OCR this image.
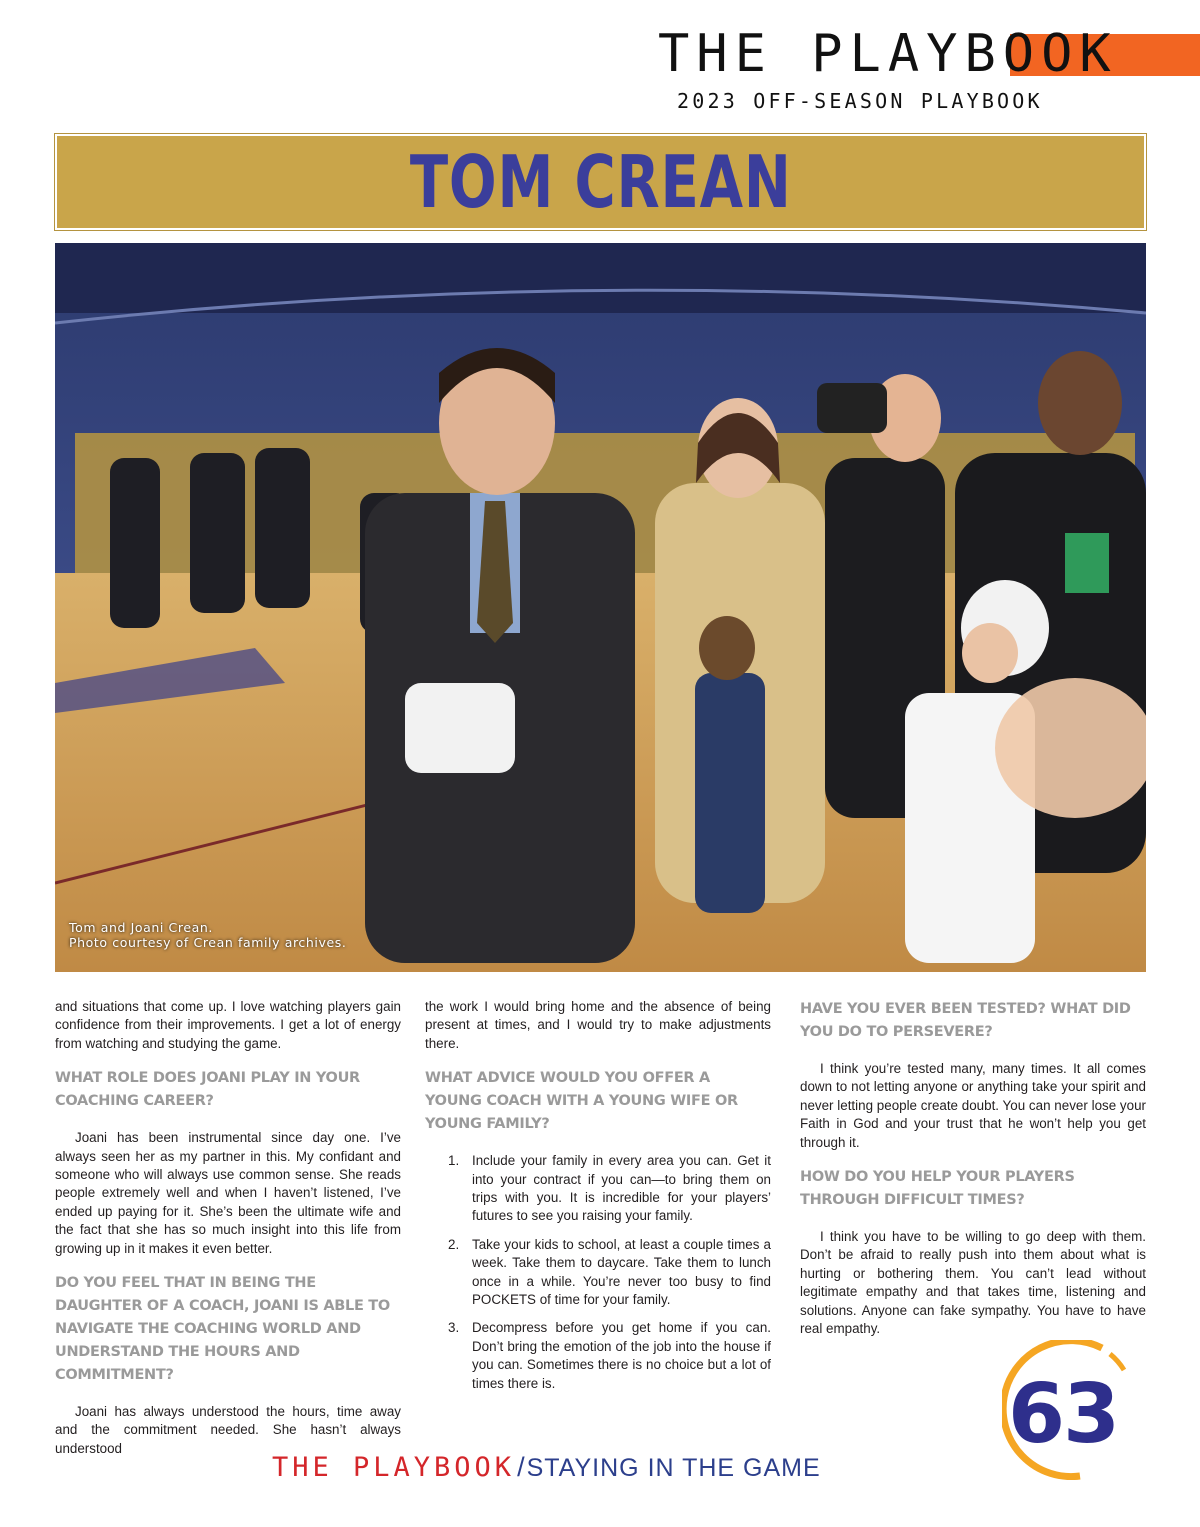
THE PLAYBOOK
2023 OFF-SEASON PLAYBOOK
TOM CREAN
Tom and Joani Crean.
Photo courtesy of Crean family archives.

and situations that come up. I love watching players gain confidence from their improvements. I get a lot of energy from watching and studying the game.

WHAT ROLE DOES JOANI PLAY IN YOUR COACHING CAREER?

Joani has been instrumental since day one. I’ve always seen her as my partner in this. My confidant and someone who will always use common sense. She reads people extremely well and when I haven’t listened, I’ve ended up paying for it. She’s been the ultimate wife and the fact that she has so much insight into this life from growing up in it makes it even better.

DO YOU FEEL THAT IN BEING THE DAUGHTER OF A COACH, JOANI IS ABLE TO NAVIGATE THE COACHING WORLD AND UNDERSTAND THE HOURS AND COMMITMENT?

Joani has always understood the hours, time away and the commitment needed. She hasn’t always understood

the work I would bring home and the absence of being present at times, and I would try to make adjustments there.

WHAT ADVICE WOULD YOU OFFER A YOUNG COACH WITH A YOUNG WIFE OR YOUNG FAMILY?
1. Include your family in every area you can. Get it into your contract if you can—to bring them on trips with you. It is incredible for your players’ futures to see you raising your family.
2. Take your kids to school, at least a couple times a week. Take them to daycare. Take them to lunch once in a while. You’re never too busy to find POCKETS of time for your family.
3. Decompress before you get home if you can. Don’t bring the emotion of the job into the house if you can. Sometimes there is no choice but a lot of times there is.
HAVE YOU EVER BEEN TESTED? WHAT DID YOU DO TO PERSEVERE?

I think you’re tested many, many times. It all comes down to not letting anyone or anything take your spirit and never letting people create doubt. You can never lose your Faith in God and your trust that he won’t help you get through it.

HOW DO YOU HELP YOUR PLAYERS THROUGH DIFFICULT TIMES?

I think you have to be willing to go deep with them. Don’t be afraid to really push into them about what is hurting or bothering them. You can’t lead without legitimate empathy and that takes time, listening and solutions. Anyone can fake sympathy. You have to have real empathy.

63
THE PLAYBOOK / STAYING IN THE GAME
